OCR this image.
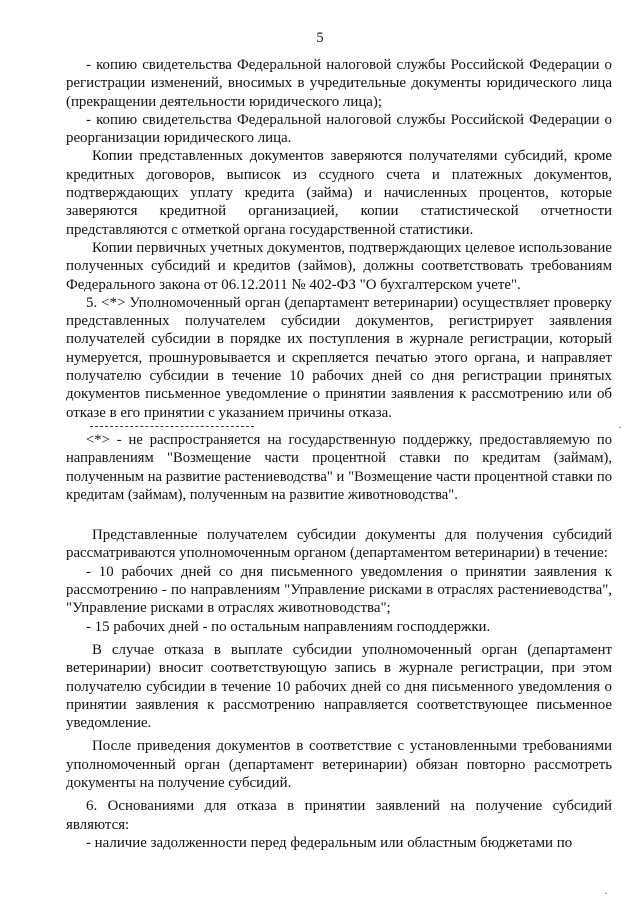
5

- копию свидетельства Федеральной налоговой службы Российской Федерации о регистрации изменений, вносимых в учредительные документы юридического лица (прекращении деятельности юридического лица);

- копию свидетельства Федеральной налоговой службы Российской Федерации о реорганизации юридического лица.

Копии представленных документов заверяются получателями субсидий, кроме кредитных договоров, выписок из ссудного счета и платежных документов, подтверждающих уплату кредита (займа) и начисленных процентов, которые заверяются кредитной организацией, копии статистической отчетности представляются с отметкой органа государственной статистики.

Копии первичных учетных документов, подтверждающих целевое использование полученных субсидий и кредитов (займов), должны соответствовать требованиям Федерального закона от 06.12.2011 № 402-ФЗ "О бухгалтерском учете".

5. <*> Уполномоченный орган (департамент ветеринарии) осуществляет проверку представленных получателем субсидии документов, регистрирует заявления получателей субсидии в порядке их поступления в журнале регистрации, который нумеруется, прошнуровывается и скрепляется печатью этого органа, и направляет получателю субсидии в течение 10 рабочих дней со дня регистрации принятых документов письменное уведомление о принятии заявления к рассмотрению или об отказе в его принятии с указанием причины отказа.

<*> - не распространяется на государственную поддержку, предоставляемую по направлениям "Возмещение части процентной ставки по кредитам (займам), полученным на развитие растениеводства" и "Возмещение части процентной ставки по кредитам (займам), полученным на развитие животноводства".

Представленные получателем субсидии документы для получения субсидий рассматриваются уполномоченным органом (департаментом ветеринарии) в течение:

- 10 рабочих дней со дня письменного уведомления о принятии заявления к рассмотрению - по направлениям "Управление рисками в отраслях растениеводства", "Управление рисками в отраслях животноводства";

- 15 рабочих дней - по остальным направлениям господдержки.

В случае отказа в выплате субсидии уполномоченный орган (департамент ветеринарии) вносит соответствующую запись в журнале регистрации, при этом получателю субсидии в течение 10 рабочих дней со дня письменного уведомления о принятии заявления к рассмотрению направляется соответствующее письменное уведомление.

После приведения документов в соответствие с установленными требованиями уполномоченный орган (департамент ветеринарии) обязан повторно рассмотреть документы на получение субсидий.

6. Основаниями для отказа в принятии заявлений на получение субсидий являются:

- наличие задолженности перед федеральным или областным бюджетами по

·
·
